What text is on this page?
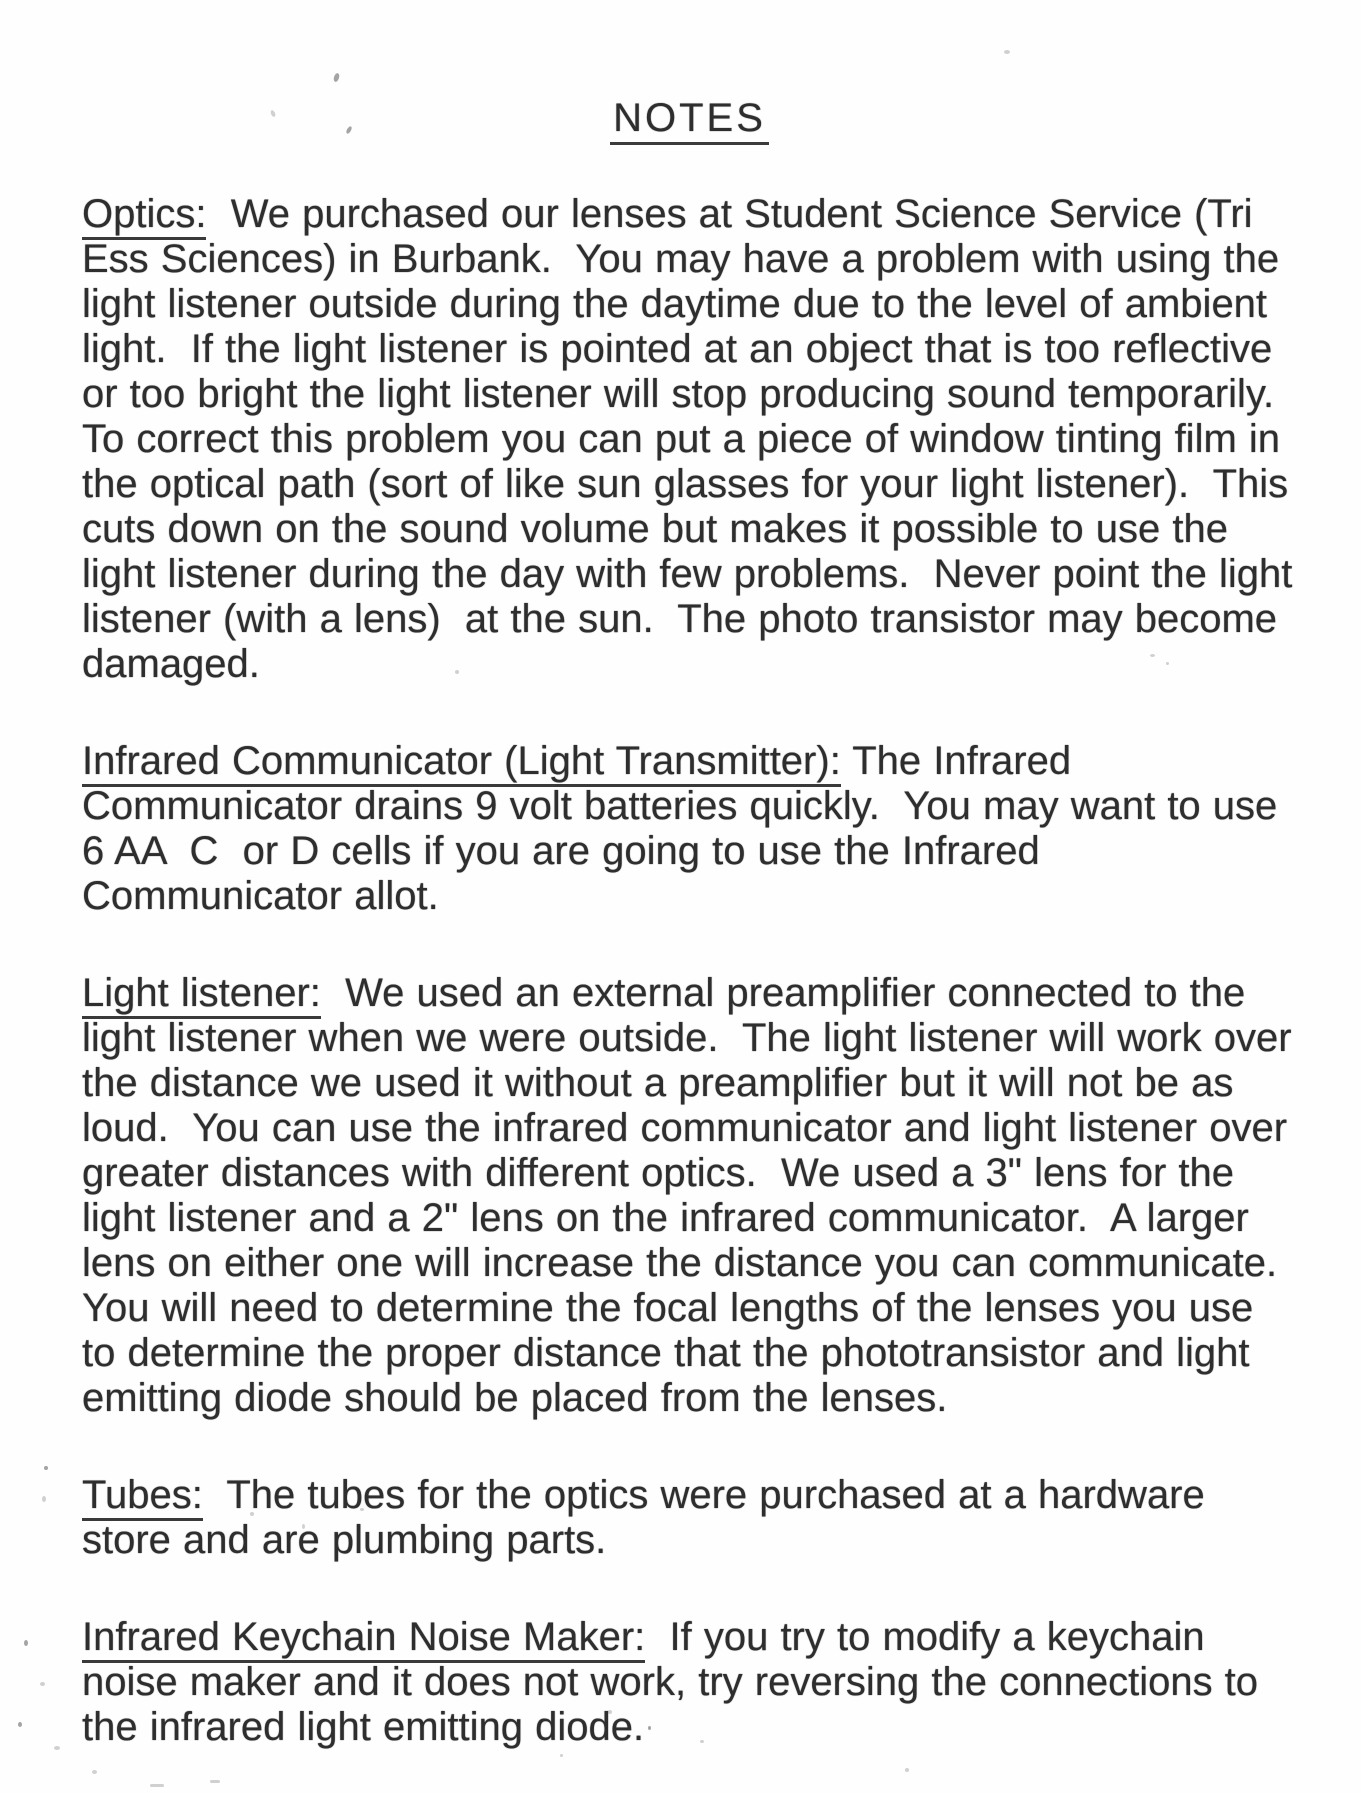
NOTES

Optics:  We purchased our lenses at Student Science Service (Tri Ess Sciences) in Burbank.  You may have a problem with using the light listener outside during the daytime due to the level of ambient light.  If the light listener is pointed at an object that is too reflective or too bright the light listener will stop producing sound temporarily.  To correct this problem you can put a piece of window tinting film in the optical path (sort of like sun glasses for your light listener).  This cuts down on the sound volume but makes it possible to use the light listener during the day with few problems.  Never point the light listener (with a lens)  at the sun.  The photo transistor may become damaged.

Infrared Communicator (Light Transmitter): The Infrared Communicator drains 9 volt batteries quickly.  You may want to use 6 AA  C  or D cells if you are going to use the Infrared Communicator allot.

Light listener:  We used an external preamplifier connected to the light listener when we were outside.  The light listener will work over the distance we used it without a preamplifier but it will not be as loud.  You can use the infrared communicator and light listener over greater distances with different optics.  We used a 3" lens for the light listener and a 2" lens on the infrared communicator.  A larger lens on either one will increase the distance you can communicate.  You will need to determine the focal lengths of the lenses you use to determine the proper distance that the phototransistor and light emitting diode should be placed from the lenses.

Tubes:  The tubes for the optics were purchased at a hardware store and are plumbing parts.

Infrared Keychain Noise Maker:  If you try to modify a keychain noise maker and it does not work, try reversing the connections to the infrared light emitting diode.
